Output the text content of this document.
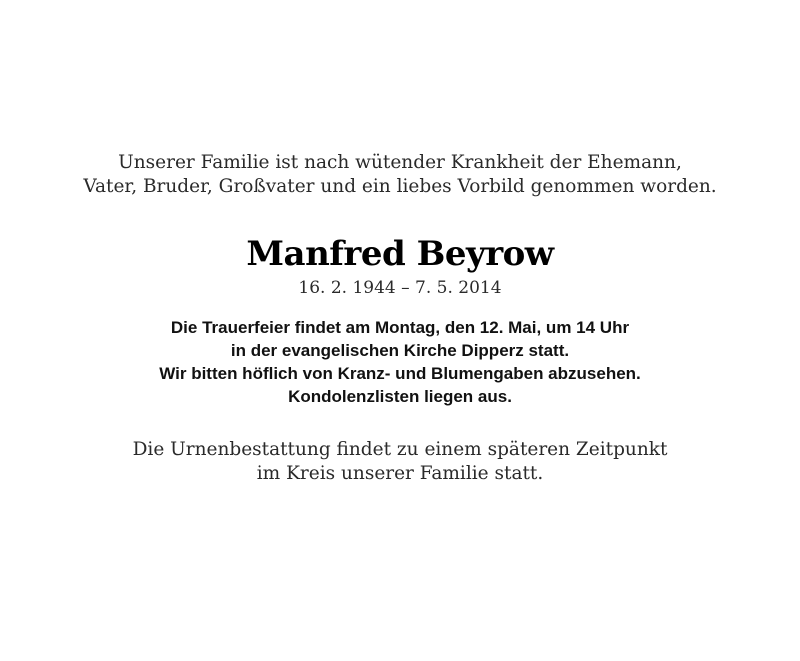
Unserer Familie ist nach wütender Krankheit der Ehemann,
Vater, Bruder, Großvater und ein liebes Vorbild genommen worden.
Manfred Beyrow
16. 2. 1944 – 7. 5. 2014
Die Trauerfeier findet am Montag, den 12. Mai, um 14 Uhr
in der evangelischen Kirche Dipperz statt.
Wir bitten höflich von Kranz- und Blumengaben abzusehen.
Kondolenzlisten liegen aus.
Die Urnenbestattung findet zu einem späteren Zeitpunkt
im Kreis unserer Familie statt.
